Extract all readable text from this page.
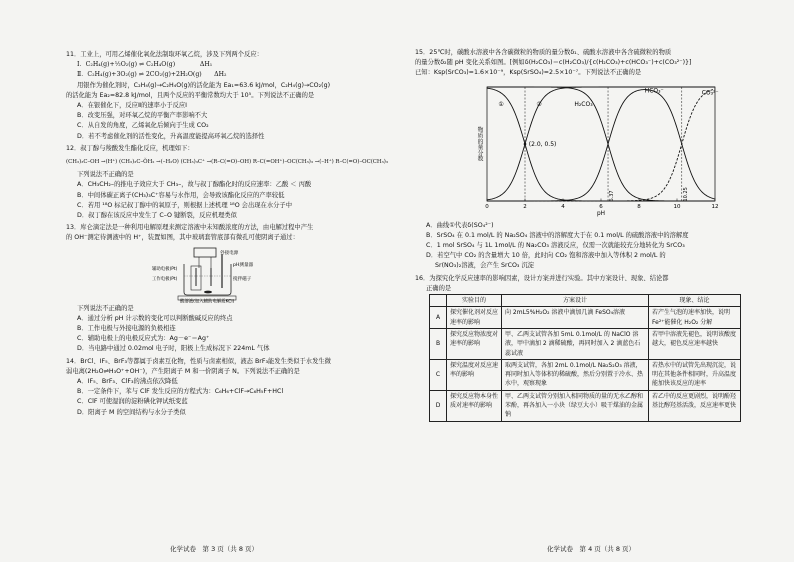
11．工业上，可用乙烯催化氧化法制取环氧乙烷，涉及下列两个反应：
Ⅰ．C₂H₄(g)+½O₂(g) ⇌ C₂H₄O(g)　　　　ΔH₁
Ⅱ．C₂H₄(g)+3O₂(g) ⇌ 2CO₂(g)+2H₂O(g)　　ΔH₂
用银作为催化剂时，C₂H₄(g)→C₂H₄O(g)的活化能为 Ea₁=63.6 kJ/mol，C₂H₄(g)→CO₂(g)
的活化能为 Ea₂=82.8 kJ/mol，且两个反应的平衡常数均大于 10⁵。下列说法不正确的是
A．在银催化下，反应Ⅱ的速率小于反应Ⅰ
B．改变压强，对环氧乙烷的平衡产率影响不大
C．从自发的角度，乙烯氧化后倾向于生成 CO₂
D．若不考虑催化剂的活性变化，升高温度能提高环氧乙烷的选择性
12．叔丁醇与羧酸发生酯化反应，机理如下：
(CH₃)₃C–OH →(H⁺) (CH₃)₃C–ŎH₂ →(–H₂O) (CH₃)₃C⁺ →(R–C(=O)–OH) R–C(=OH⁺)–OC(CH₃)₃ →(–H⁺) R–C(=O)–OC(CH₃)₃
下列说法不正确的是
A．CH₃CH₂–的推电子效应大于 CH₃–，故与叔丁醇酯化时的反应速率：乙酸 ＜ 丙酸
B．中间体碳正离子(CH₃)₃C⁺容易与水作用，会导致该酯化反应的产率较低
C．若用 ¹⁸O 标记叔丁醇中的氧原子，则根据上述机理 ¹⁸O 会出现在水分子中
D．叔丁醇在该反应中发生了 C–O 键断裂，反应机理类似
13．库仑滴定法是一种利用电解原理来测定溶液中未知酸浓度的方法，由电解过程中产生
的 OH⁻测定待测液中的 H⁺，装置如图，其中玻璃套管底部有微孔可使阴离子通过：
外接电源
pH测量器
搅拌磁子
辅助电极(Pt)
工作电极(Pt)
酸溶液(加入辅助电解质KCl)
下列说法不正确的是
A．通过分析 pH 计示数的变化可以判断酸碱反应的终点
B．工作电极与外接电源的负极相连
C．辅助电极上的电极反应式为：Ag－e⁻＝Ag⁺
D．当电路中通过 0.02mol 电子时，阳极上生成标况下 224mL 气体
14．BrCl、IF₅、BrF₃等都属于卤素互化物，性质与卤素相似，液态 BrF₃能发生类似于水发生微
弱电离(2H₂O⇌H₃O⁺+OH⁻)，产生阳离子 M 和一价阴离子 N。下列说法不正确的是
A．IF₅、BrF₃、ClF₃的沸点依次降低
B．一定条件下，苯与 ClF 发生反应的方程式为：C₆H₆+ClF→C₆H₅F+HCl
C．ClF 可使湿润的淀粉碘化钾试纸变蓝
D．阳离子 M 的空间结构与水分子类似
化学试卷　第 3 页（共 8 页）
15．25℃时，碳酸水溶液中各含碳微粒的物质的量分数δ₁、硫酸水溶液中各含硫微粒的物质
的量分数δ₂随 pH 变化关系如图。[例如δ(H₂CO₃)＝c(H₂CO₃)/{c(H₂CO₃)+c(HCO₃⁻)+c(CO₃²⁻)}]
已知：Ksp(SrCO₃)=1.6×10⁻⁹，Ksp(SrSO₄)=2.5×10⁻⁷。下列说法不正确的是
0	2	4	6	8	10	12
pH
物质的量分数
6.37	10.25
①	②
(2.0, 0.5)
H₂CO₃
HCO₃⁻	CO₃²⁻
A．曲线①代表δ(SO₄²⁻)
B．SrSO₄ 在 0.1 mol/L 的 Na₂SO₄ 溶液中的溶解度大于在 0.1 mol/L 的硫酸溶液中的溶解度
C．1 mol SrSO₄ 与 1L 1mol/L 的 Na₂CO₃ 溶液反应，仅需一次就能较充分地转化为 SrCO₃
D．若空气中 CO₂ 的含量增大 10 倍，此时向 CO₂ 饱和溶液中加入等体积 2 mol/L 的
Sr(NO₃)₂溶液，会产生 SrCO₃ 沉淀
16．为探究化学反应速率的影响因素，设计方案并进行实验。其中方案设计、现象、结论都
正确的是
	实验目的	方案设计	现象、结论
A	探究催化剂对反应速率的影响	向 2mL5%H₂O₂ 溶液中滴加几滴 FeSO₄溶液	若产生气泡的速率加快，说明 Fe²⁺能催化 H₂O₂ 分解
B	探究反应物浓度对速率的影响	甲、乙两支试管各加 5mL 0.1mol/L 的 NaClO 溶液，甲中滴加 2 滴稀硫酸，再同时加入 2 滴蓝色石蕊试液	若甲中溶液先褪色，说明该酸度越大，褪色反应速率越快
C	探究温度对反应速率的影响	取两支试管，各加 2mL 0.1mol/L Na₂S₂O₃ 溶液，再同时加入等体积的稀硫酸，然后分别置于冷水、热水中，观察现象	若热水中的试管先出现沉淀，说明在其他条件相同时，升高温度能加快该反应的速率
D	探究反应物本身性质对速率的影响	甲、乙两支试管分别加入相同物质的量的无水乙醇和苯酚，再各加入一小块（绿豆大小）吸干煤油的金属钠	若乙中的反应更剧烈，说明酚羟基比醇羟基活泼，反应速率更快
化学试卷　第 4 页（共 8 页）
